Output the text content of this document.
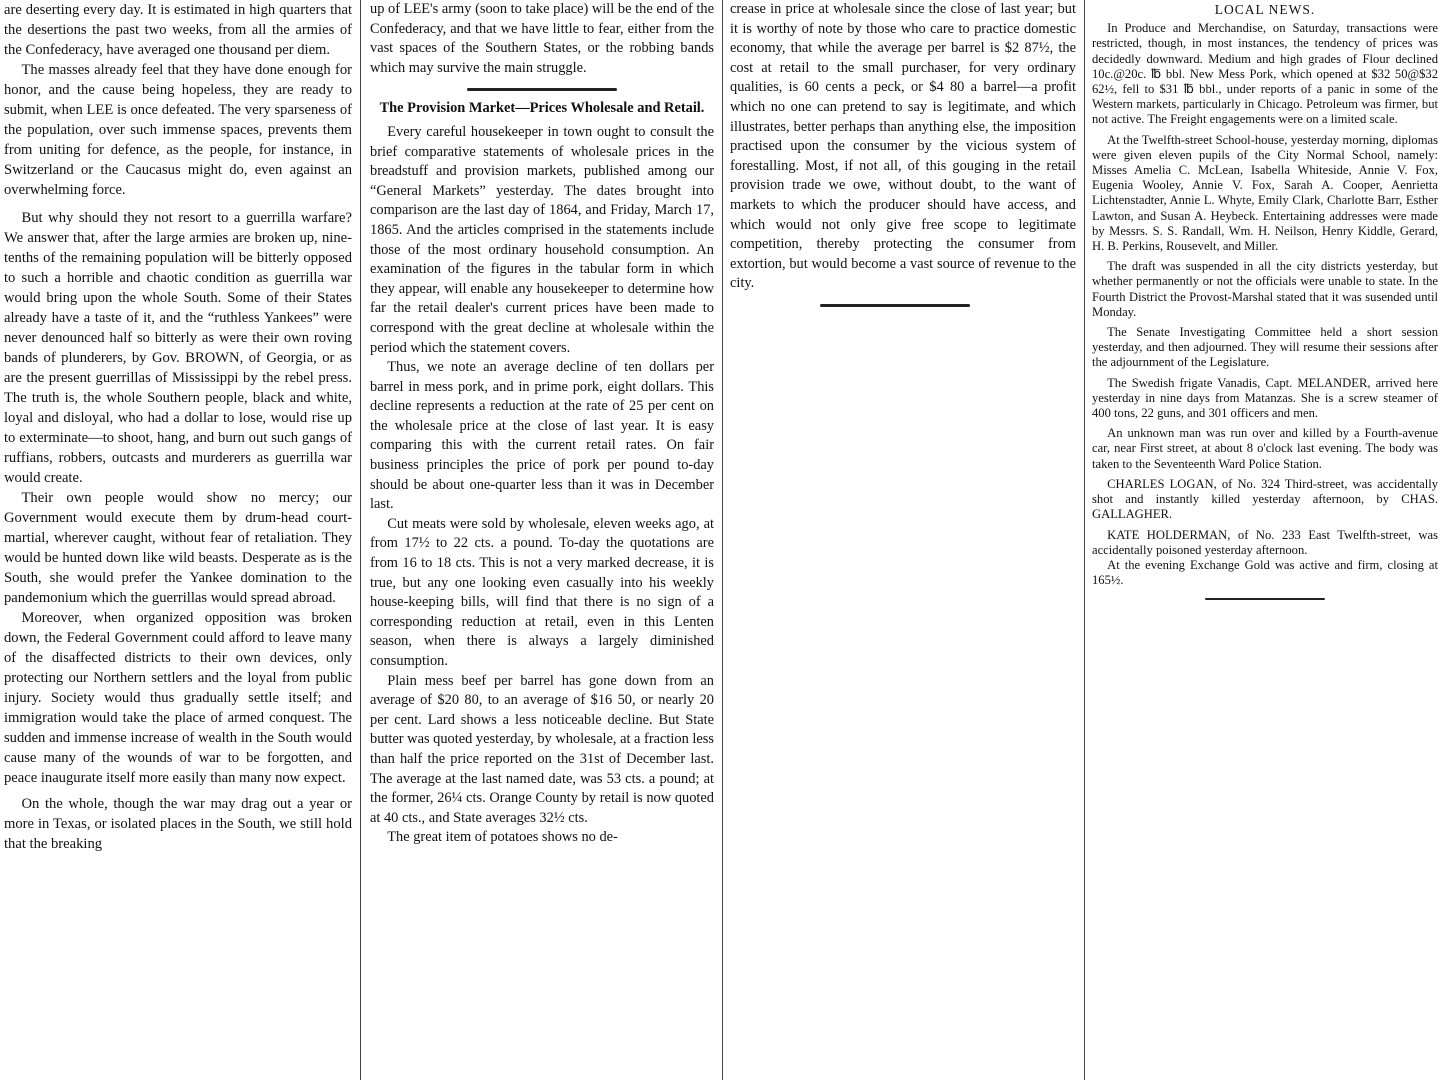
are deserting every day. It is estimated in high quarters that the desertions the past two weeks, from all the armies of the Confederacy, have averaged one thousand per diem.

The masses already feel that they have done enough for honor, and the cause being hopeless, they are ready to submit, when LEE is once defeated. The very sparseness of the population, over such immense spaces, prevents them from uniting for defence, as the people, for instance, in Switzerland or the Caucasus might do, even against an overwhelming force.

But why should they not resort to a guerrilla warfare? We answer that, after the large armies are broken up, nine-tenths of the remaining population will be bitterly opposed to such a horrible and chaotic condition as guerrilla war would bring upon the whole South. Some of their States already have a taste of it, and the “ruthless Yankees” were never denounced half so bitterly as were their own roving bands of plunderers, by Gov. BROWN, of Georgia, or as are the present guerrillas of Mississippi by the rebel press. The truth is, the whole Southern people, black and white, loyal and disloyal, who had a dollar to lose, would rise up to exterminate—to shoot, hang, and burn out such gangs of ruffians, robbers, outcasts and murderers as guerrilla war would create.

Their own people would show no mercy; our Government would execute them by drum-head court-martial, wherever caught, without fear of retaliation. They would be hunted down like wild beasts. Desperate as is the South, she would prefer the Yankee domination to the pandemonium which the guerrillas would spread abroad.

Moreover, when organized opposition was broken down, the Federal Government could afford to leave many of the disaffected districts to their own devices, only protecting our Northern settlers and the loyal from public injury. Society would thus gradually settle itself; and immigration would take the place of armed conquest. The sudden and immense increase of wealth in the South would cause many of the wounds of war to be forgotten, and peace inaugurate itself more easily than many now expect.

On the whole, though the war may drag out a year or more in Texas, or isolated places in the South, we still hold that the breaking

up of LEE's army (soon to take place) will be the end of the Confederacy, and that we have little to fear, either from the vast spaces of the Southern States, or the robbing bands which may survive the main struggle.

The Provision Market—Prices Wholesale and Retail.

Every careful housekeeper in town ought to consult the brief comparative statements of wholesale prices in the breadstuff and provision markets, published among our “General Markets” yesterday. The dates brought into comparison are the last day of 1864, and Friday, March 17, 1865. And the articles comprised in the statements include those of the most ordinary household consumption. An examination of the figures in the tabular form in which they appear, will enable any housekeeper to determine how far the retail dealer's current prices have been made to correspond with the great decline at wholesale within the period which the statement covers.

Thus, we note an average decline of ten dollars per barrel in mess pork, and in prime pork, eight dollars. This decline represents a reduction at the rate of 25 per cent on the wholesale price at the close of last year. It is easy comparing this with the current retail rates. On fair business principles the price of pork per pound to-day should be about one-quarter less than it was in December last.

Cut meats were sold by wholesale, eleven weeks ago, at from 17½ to 22 cts. a pound. To-day the quotations are from 16 to 18 cts. This is not a very marked decrease, it is true, but any one looking even casually into his weekly house-keeping bills, will find that there is no sign of a corresponding reduction at retail, even in this Lenten season, when there is always a largely diminished consumption.

Plain mess beef per barrel has gone down from an average of $20 80, to an average of $16 50, or nearly 20 per cent. Lard shows a less noticeable decline. But State butter was quoted yesterday, by wholesale, at a fraction less than half the price reported on the 31st of December last. The average at the last named date, was 53 cts. a pound; at the former, 26¼ cts. Orange County by retail is now quoted at 40 cts., and State averages 32½ cts.

The great item of potatoes shows no de-

crease in price at wholesale since the close of last year; but it is worthy of note by those who care to practice domestic economy, that while the average per barrel is $2 87½, the cost at retail to the small purchaser, for very ordinary qualities, is 60 cents a peck, or $4 80 a barrel—a profit which no one can pretend to say is legitimate, and which illustrates, better perhaps than anything else, the imposition practised upon the consumer by the vicious system of forestalling. Most, if not all, of this gouging in the retail provision trade we owe, without doubt, to the want of markets to which the producer should have access, and which would not only give free scope to legitimate competition, thereby protecting the consumer from extortion, but would become a vast source of revenue to the city.

LOCAL NEWS.

In Produce and Merchandise, on Saturday, transactions were restricted, though, in most instances, the tendency of prices was decidedly downward. Medium and high grades of Flour declined 10c.@20c. ℔ bbl. New Mess Pork, which opened at $32 50@$32 62½, fell to $31 ℔ bbl., under reports of a panic in some of the Western markets, particularly in Chicago. Petroleum was firmer, but not active. The Freight engagements were on a limited scale.

At the Twelfth-street School-house, yesterday morning, diplomas were given eleven pupils of the City Normal School, namely: Misses Amelia C. McLean, Isabella Whiteside, Annie V. Fox, Eugenia Wooley, Annie V. Fox, Sarah A. Cooper, Aenrietta Lichtenstadter, Annie L. Whyte, Emily Clark, Charlotte Barr, Esther Lawton, and Susan A. Heybeck. Entertaining addresses were made by Messrs. S. S. Randall, Wm. H. Neilson, Henry Kiddle, Gerard, H. B. Perkins, Rousevelt, and Miller.

The draft was suspended in all the city districts yesterday, but whether permanently or not the officials were unable to state. In the Fourth District the Provost-Marshal stated that it was susended until Monday.

The Senate Investigating Committee held a short session yesterday, and then adjourned. They will resume their sessions after the adjournment of the Legislature.

The Swedish frigate Vanadis, Capt. MELANDER, arrived here yesterday in nine days from Matanzas. She is a screw steamer of 400 tons, 22 guns, and 301 officers and men.

An unknown man was run over and killed by a Fourth-avenue car, near First street, at about 8 o'clock last evening. The body was taken to the Seventeenth Ward Police Station.

CHARLES LOGAN, of No. 324 Third-street, was accidentally shot and instantly killed yesterday afternoon, by CHAS. GALLAGHER.

KATE HOLDERMAN, of No. 233 East Twelfth-street, was accidentally poisoned yesterday afternoon.

At the evening Exchange Gold was active and firm, closing at 165½.
